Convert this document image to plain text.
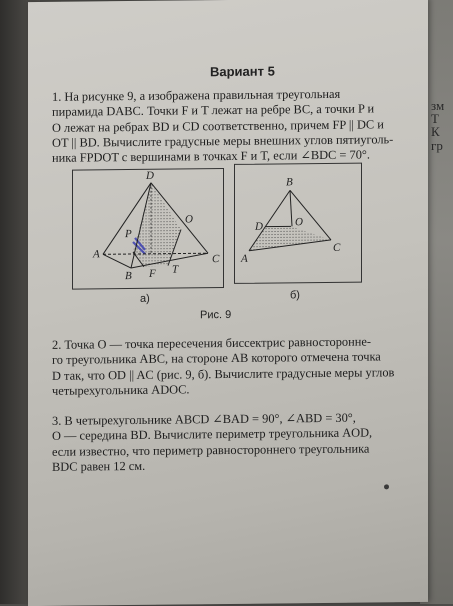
зм
Т
К
гр
Вариант 5
1. На рисунке 9, а изображена правильная треугольная
пирамида DABC. Точки F и T лежат на ребре BC, а точки P и
O лежат на ребрах BD и CD соответственно, причем FP || DC и
OT || BD. Вычислите градусные меры внешних углов пятиуголь-
ника FPDOT с вершинами в точках F и T, если ∠BDC = 70°.
D
A
B
C
P
O
F T
а)
B
D	O
A
C
б)
Рис. 9
2. Точка O — точка пересечения биссектрис равносторонне-
го треугольника ABC, на стороне AB которого отмечена точка
D так, что OD || AC (рис. 9, б). Вычислите градусные меры углов
четырехугольника ADOC.
3. В четырехугольнике ABCD ∠BAD = 90°, ∠ABD = 30°,
O — середина BD. Вычислите периметр треугольника AOD,
если известно, что периметр равностороннего треугольника
BDC равен 12 см.
